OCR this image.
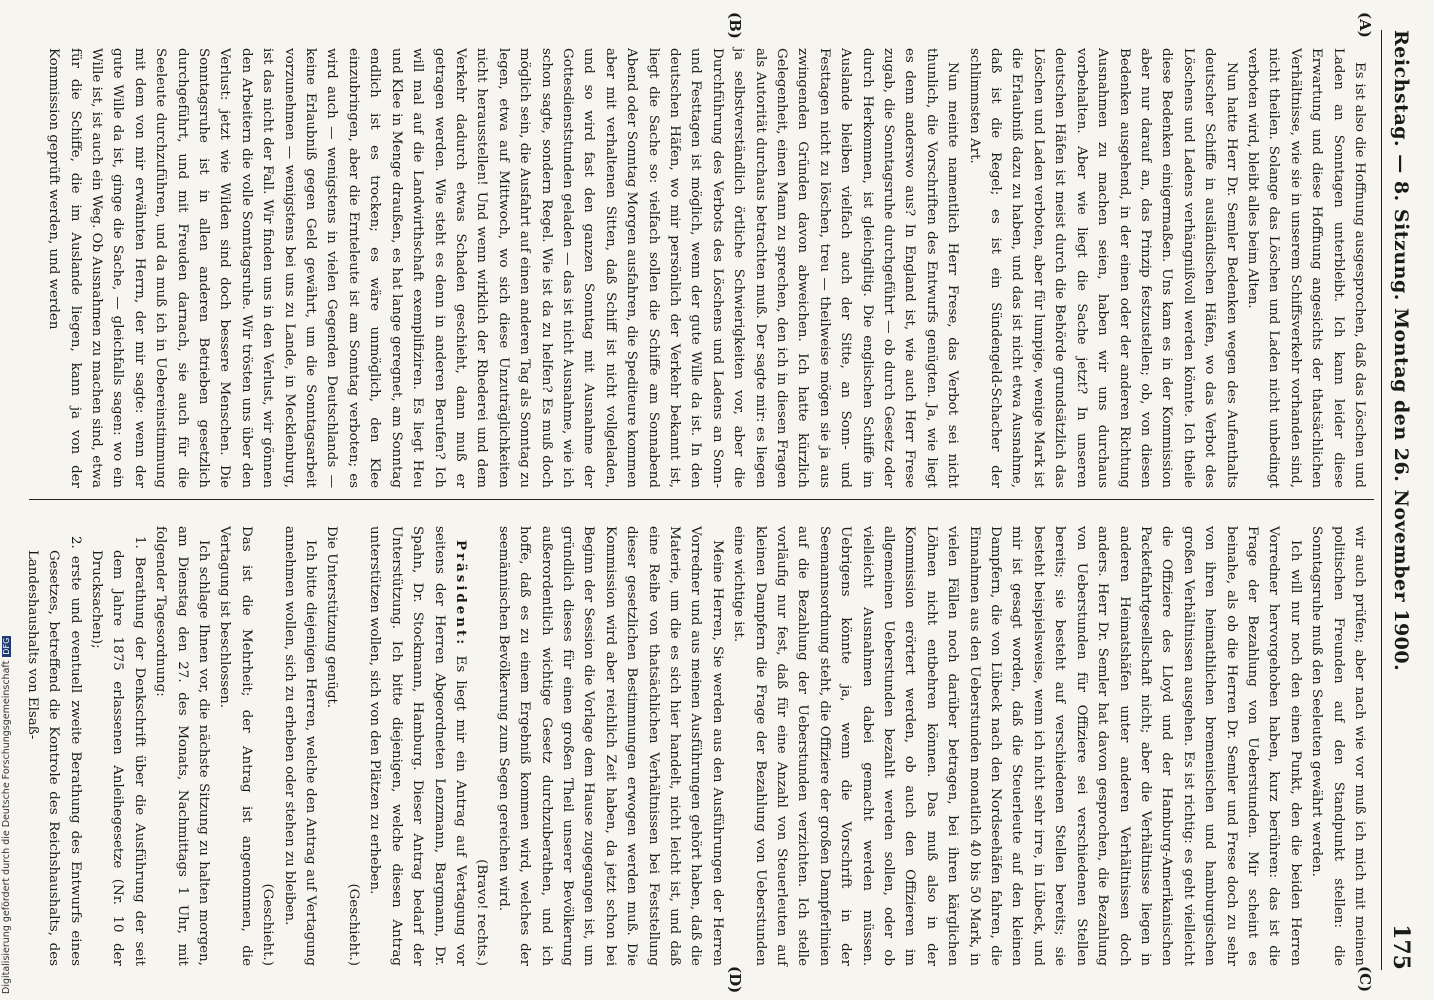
Reichstag. — 8. Sitzung. Montag den 26. November 1900.
175
(A)
(B)
(C)
(D)

Es ist also die Hoffnung ausgesprochen, daß das Löschen und Laden an Sonntagen unterbleibt. Ich kann leider diese Erwartung und diese Hoffnung angesichts der thatsächlichen Verhältnisse, wie sie in unserem Schiffsverkehr vorhanden sind, nicht theilen. Solange das Löschen und Laden nicht unbedingt verboten wird, bleibt alles beim Alten.

Nun hatte Herr Dr. Semler Bedenken wegen des Aufenthalts deutscher Schiffe in ausländischen Häfen, wo das Verbot des Löschens und Ladens verhängnißvoll werden könnte. Ich theile diese Bedenken einigermaßen. Uns kam es in der Kommission aber nur darauf an, das Prinzip festzustellen; ob, von diesen Bedenken ausgehend, in der einen oder der anderen Richtung Ausnahmen zu machen seien, haben wir uns durchaus vorbehalten. Aber wie liegt die Sache jetzt? In unseren deutschen Häfen ist meist durch die Behörde grundsätzlich das Löschen und Laden verboten, aber für lumpige, wenige Mark ist die Erlaubniß dazu zu haben, und das ist nicht etwa Ausnahme, daß ist die Regel; es ist ein Sündengeld-Schacher der schlimmsten Art.

Nun meinte namentlich Herr Frese, das Verbot sei nicht thunlich, die Vorschriften des Entwurfs genügten. Ja, wie liegt es denn anderswo aus? In England ist, wie auch Herr Frese zugab, die Sonntagsruhe durchgeführt — ob durch Gesetz oder durch Herkommen, ist gleichgiltig. Die englischen Schiffe im Auslande bleiben vielfach auch der Sitte, an Sonn- und Festtagen nicht zu löschen, treu — theilweise mögen sie ja aus zwingenden Gründen davon abweichen. Ich hatte kürzlich Gelegenheit, einen Mann zu sprechen, den ich in diesen Fragen als Autorität durchaus betrachten muß. Der sagte mir: es liegen ja selbstverständlich örtliche Schwierigkeiten vor, aber die Durchführung des Verbots des Löschens und Ladens an Sonn- und Festtagen ist möglich, wenn der gute Wille da ist. In den deutschen Häfen, wo mir persönlich der Verkehr bekannt ist, liegt die Sache so: vielfach sollen die Schiffe am Sonnabend Abend oder Sonntag Morgen ausfahren, die Spediteure kommen aber mit verhaltenen Sitten, daß Schiff ist nicht vollgeladen, und so wird fast den ganzen Sonntag mit Ausnahme der Gottesdienststunden geladen — das ist nicht Ausnahme, wie ich schon sagte, sondern Regel. Wie ist da zu helfen? Es muß doch möglich sein, die Ausfahrt auf einen anderen Tag als Sonntag zu legen, etwa auf Mittwoch, wo sich diese Unzuträglichkeiten nicht herausstellen! Und wenn wirklich der Rhederei und dem Verkehr dadurch etwas Schaden geschieht, dann muß er getragen werden. Wie steht es denn in anderen Berufen? Ich will mal auf die Landwirthschaft exemplifiziren. Es liegt Heu und Klee in Menge draußen, es hat lange geregnet, am Sonntag endlich ist es trocken; es wäre unmöglich, den Klee einzubringen, aber die Ernteleute ist am Sonntag verboten; es wird auch — wenigstens in vielen Gegenden Deutschlands — keine Erlaubniß gegen Geld gewährt, um die Sonntagsarbeit vorzunehmen — wenigstens bei uns zu Lande, in Mecklenburg, ist das nicht der Fall. Wir finden uns in den Verlust, wir gönnen den Arbeitern die volle Sonntagsruhe. Wir trösten uns über den Verlust: jetzt wie Wilden sind doch bessere Menschen. Die Sonntagsruhe ist in allen anderen Betrieben gesetzlich durchgeführt, und mit Freuden darnach, sie auch für die Seeleute durchzuführen, und da muß ich in Uebereinstimmung mit dem von mir erwähnten Herrn, der mir sagte: wenn der gute Wille da ist, ginge die Sache, — gleichfalls sagen: wo ein Wille ist, ist auch ein Weg. Ob Ausnahmen zu machen sind, etwa für die Schiffe, die im Auslande liegen, kann ja von der Kommission geprüft werden, und werden

wir auch prüfen; aber nach wie vor muß ich mich mit meinen politischen Freunden auf den Standpunkt stellen: die Sonntagsruhe muß den Seeleuten gewährt werden.

Ich will nur noch den einen Punkt, den die beiden Herren Vorredner hervorgehoben haben, kurz berühren: das ist die Frage der Bezahlung von Ueberstunden. Mir scheint es beinahe, als ob die Herren Dr. Semler und Frese doch zu sehr von ihren heimathlichen bremenischen und hamburgischen großen Verhältnissen ausgehen. Es ist richtig: es geht vielleicht die Offiziere des Lloyd und der Hamburg-Amerikanischen Packetfahrtgesellschaft nicht; aber die Verhältnisse liegen in anderen Heimatshäfen unter anderen Verhältnissen doch anders. Herr Dr. Semler hat davon gesprochen, die Bezahlung von Ueberstunden für Offiziere sei verschiedenen Stellen bereits; sie besteht auf verschiedenen Stellen bereits; sie besteht beispielsweise, wenn ich nicht sehr irre, in Lübeck, und mir ist gesagt worden, daß die Steuerleute auf den kleinen Dampfern, die von Lübeck nach den Nordseehäfen fahren, die Einnahmen aus den Ueberstunden monatlich 40 bis 50 Mark, in vielen Fällen noch darüber betragen, bei ihren kärglichen Löhnen nicht entbehren können. Das muß also in der Kommission erörtert werden, ob auch den Offizieren im allgemeinen Ueberstunden bezahlt werden sollen, oder ob vielleicht Ausnahmen dabei gemacht werden müssen. Uebrigens könnte ja, wenn die Vorschrift in der Seemannsordnung steht, die Offiziere der großen Dampferlinien auf die Bezahlung der Ueberstunden verzichten. Ich stelle vorläufig nur fest, daß für eine Anzahl von Steuerleuten auf kleinen Dampfern die Frage der Bezahlung von Ueberstunden eine wichtige ist.

Meine Herren, Sie werden aus den Ausführungen der Herren Vorredner und aus meinen Ausführungen gehört haben, daß die Materie, um die es sich hier handelt, nicht leicht ist, und daß eine Reihe von thatsächlichen Verhältnissen bei Feststellung dieser gesetzlichen Bestimmungen erwogen werden muß. Die Kommission wird aber reichlich Zeit haben, da jetzt schon bei Beginn der Session die Vorlage dem Hause zugegangen ist, um gründlich dieses für einen großen Theil unserer Bevölkerung außerordentlich wichtige Gesetz durchzuberathen, und ich hoffe, daß es zu einem Ergebniß kommen wird, welches der seemännischen Bevölkerung zum Segen gereichen wird.

(Bravo! rechts.)

Präsident: Es liegt mir ein Antrag auf Vertagung vor seitens der Herren Abgeordneten Lenzmann, Bargmann, Dr. Spahn, Dr. Stockmann, Hamburg. Dieser Antrag bedarf der Unterstützung. Ich bitte diejenigen, welche diesen Antrag unterstützen wollen, sich von den Plätzen zu erheben.

(Geschieht.)

Die Unterstützung genügt.

Ich bitte diejenigen Herren, welche den Antrag auf Vertagung annehmen wollen, sich zu erheben oder stehen zu bleiben.

(Geschieht.)

Das ist die Mehrheit; der Antrag ist angenommen, die Vertagung ist beschlossen.

Ich schlage Ihnen vor, die nächste Sitzung zu halten morgen, am Dienstag den 27. des Monats, Nachmittags 1 Uhr, mit folgender Tagesordnung:

1. Berathung der Denkschrift über die Ausführung der seit dem Jahre 1875 erlassenen Anleihegesetze (Nr. 10 der Drucksachen);

2. erste und eventuell zweite Berathung des Entwurfs eines Gesetzes, betreffend die Kontrole des Reichshaushalts, des Landeshaushalts von Elsaß-

Digitalisierung gefördert durch die Deutsche ForschungsgemeinschaftDFG
